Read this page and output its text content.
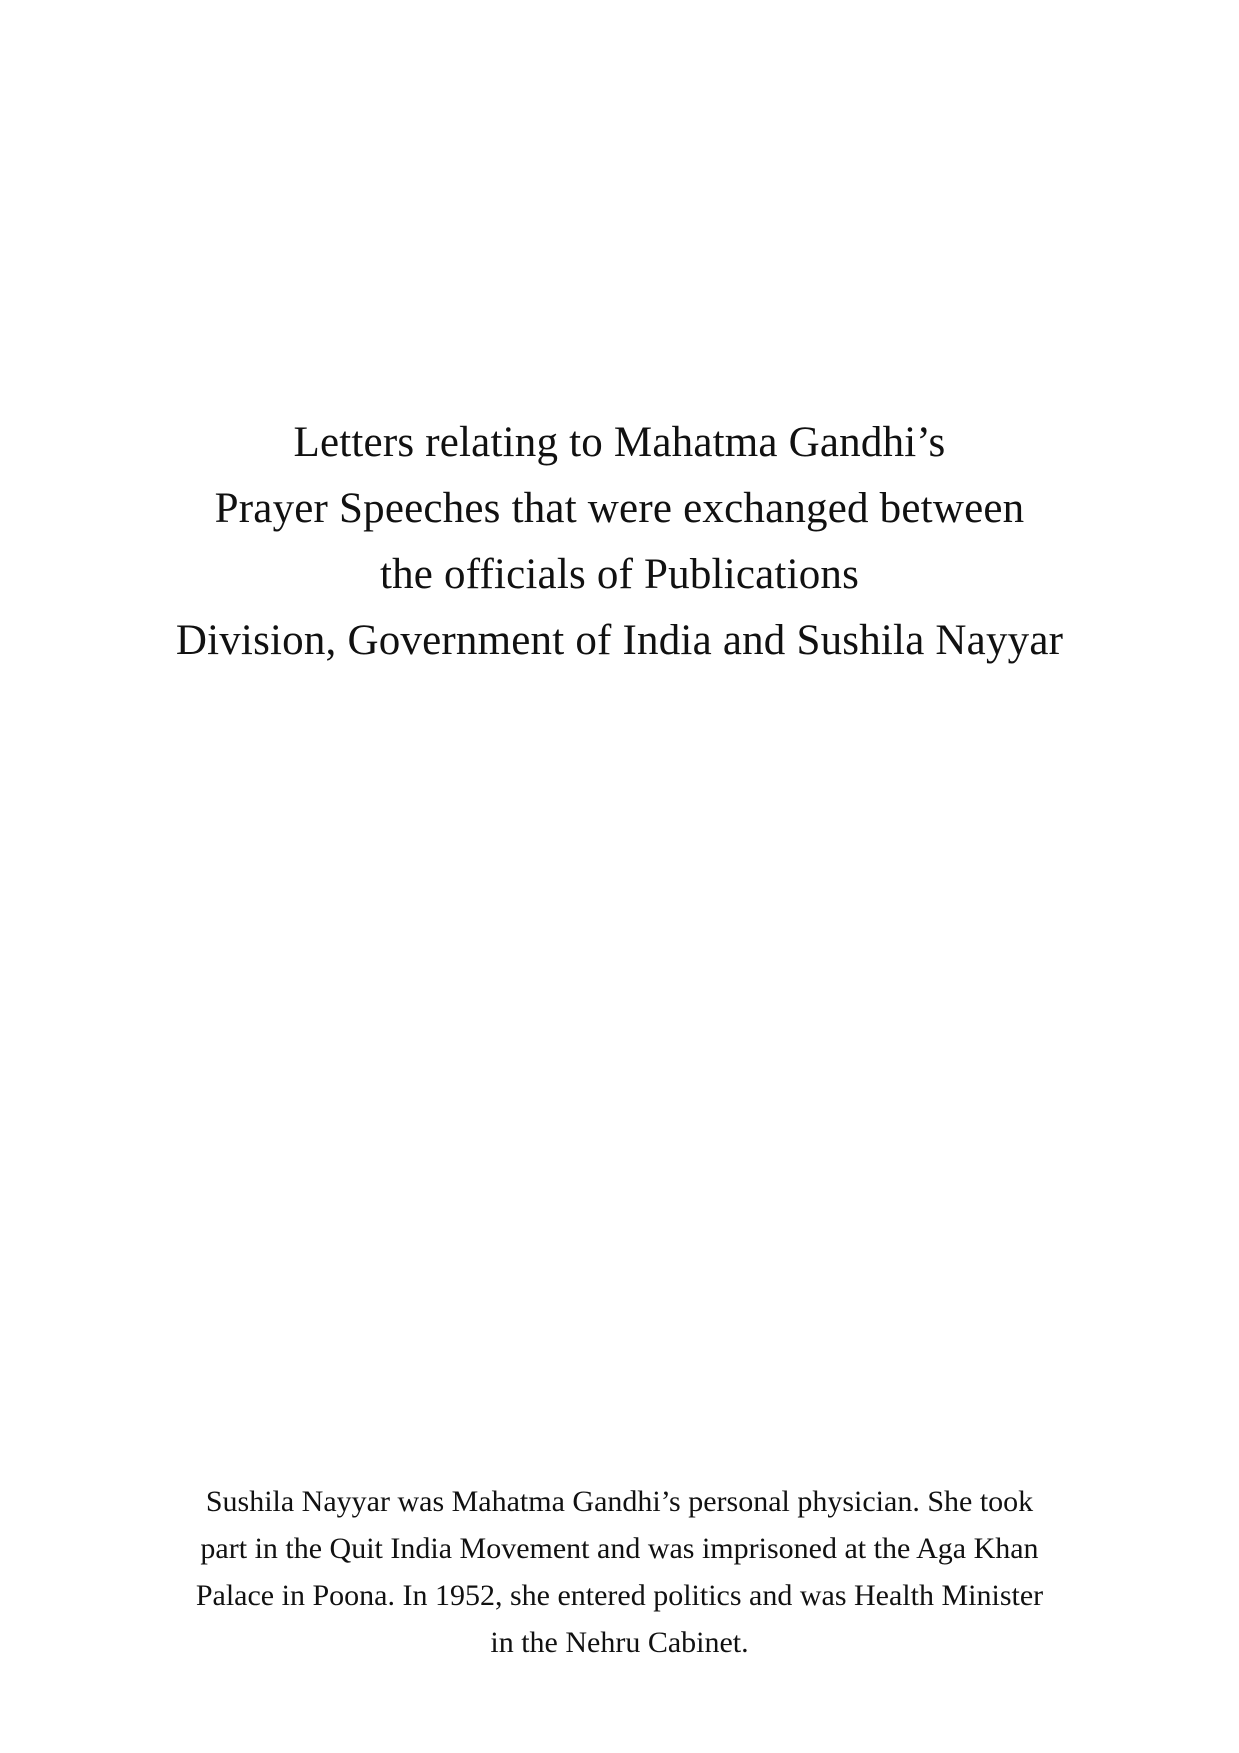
Letters relating to Mahatma Gandhi’s
Prayer Speeches that were exchanged between
the officials of Publications
Division, Government of India and Sushila Nayyar
Sushila Nayyar was Mahatma Gandhi’s personal physician. She took
part in the Quit India Movement and was imprisoned at the Aga Khan
Palace in Poona. In 1952, she entered politics and was Health Minister
in the Nehru Cabinet.
